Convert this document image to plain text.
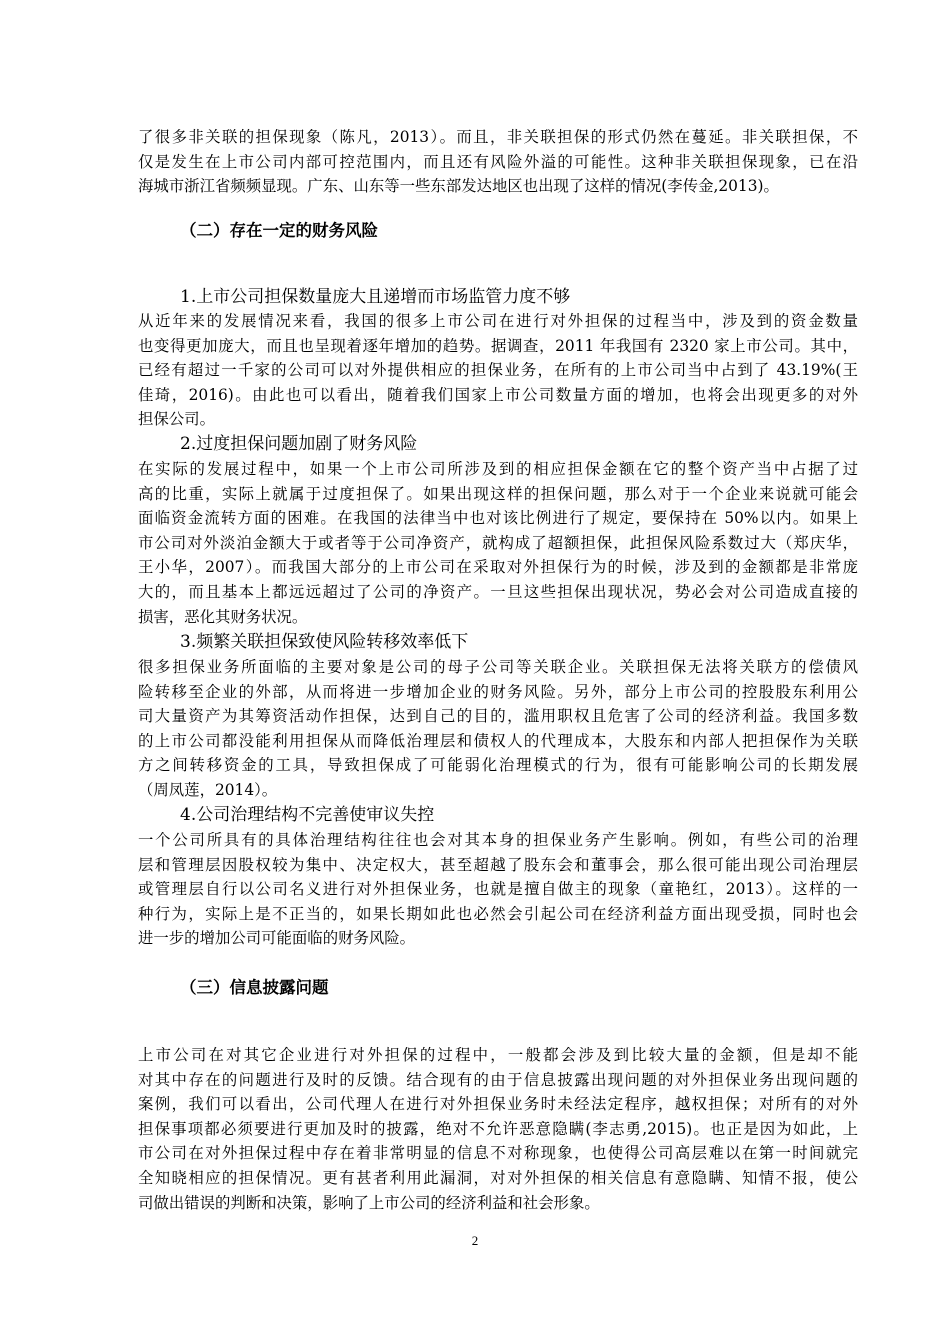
了很多非关联的担保现象（陈凡，2013）。而且，非关联担保的形式仍然在蔓延。非关联担保，不
仅是发生在上市公司内部可控范围内，而且还有风险外溢的可能性。这种非关联担保现象，已在沿
海城市浙江省频频显现。广东、山东等一些东部发达地区也出现了这样的情况(李传金,2013)。
（二）存在一定的财务风险
1.上市公司担保数量庞大且递增而市场监管力度不够
从近年来的发展情况来看，我国的很多上市公司在进行对外担保的过程当中，涉及到的资金数量
也变得更加庞大，而且也呈现着逐年增加的趋势。据调查，2011 年我国有 2320 家上市公司。其中，
已经有超过一千家的公司可以对外提供相应的担保业务，在所有的上市公司当中占到了 43.19%(王
佳琦，2016)。由此也可以看出，随着我们国家上市公司数量方面的增加，也将会出现更多的对外
担保公司。
2.过度担保问题加剧了财务风险
在实际的发展过程中，如果一个上市公司所涉及到的相应担保金额在它的整个资产当中占据了过
高的比重，实际上就属于过度担保了。如果出现这样的担保问题，那么对于一个企业来说就可能会
面临资金流转方面的困难。在我国的法律当中也对该比例进行了规定，要保持在 50%以内。如果上
市公司对外淡泊金额大于或者等于公司净资产，就构成了超额担保，此担保风险系数过大（郑庆华，
王小华，2007）。而我国大部分的上市公司在采取对外担保行为的时候，涉及到的金额都是非常庞
大的，而且基本上都远远超过了公司的净资产。一旦这些担保出现状况，势必会对公司造成直接的
损害，恶化其财务状况。
3.频繁关联担保致使风险转移效率低下
很多担保业务所面临的主要对象是公司的母子公司等关联企业。关联担保无法将关联方的偿债风
险转移至企业的外部，从而将进一步增加企业的财务风险。另外，部分上市公司的控股股东利用公
司大量资产为其筹资活动作担保，达到自己的目的，滥用职权且危害了公司的经济利益。我国多数
的上市公司都没能利用担保从而降低治理层和债权人的代理成本，大股东和内部人把担保作为关联
方之间转移资金的工具，导致担保成了可能弱化治理模式的行为，很有可能影响公司的长期发展
（周凤莲，2014）。
4.公司治理结构不完善使审议失控
一个公司所具有的具体治理结构往往也会对其本身的担保业务产生影响。例如，有些公司的治理
层和管理层因股权较为集中、决定权大，甚至超越了股东会和董事会，那么很可能出现公司治理层
或管理层自行以公司名义进行对外担保业务，也就是擅自做主的现象（童艳红，2013）。这样的一
种行为，实际上是不正当的，如果长期如此也必然会引起公司在经济利益方面出现受损，同时也会
进一步的增加公司可能面临的财务风险。
（三）信息披露问题
上市公司在对其它企业进行对外担保的过程中，一般都会涉及到比较大量的金额，但是却不能
对其中存在的问题进行及时的反馈。结合现有的由于信息披露出现问题的对外担保业务出现问题的
案例，我们可以看出，公司代理人在进行对外担保业务时未经法定程序，越权担保；对所有的对外
担保事项都必须要进行更加及时的披露，绝对不允许恶意隐瞒(李志勇,2015)。也正是因为如此，上
市公司在对外担保过程中存在着非常明显的信息不对称现象，也使得公司高层难以在第一时间就完
全知晓相应的担保情况。更有甚者利用此漏洞，对对外担保的相关信息有意隐瞒、知情不报，使公
司做出错误的判断和决策，影响了上市公司的经济利益和社会形象。
2
